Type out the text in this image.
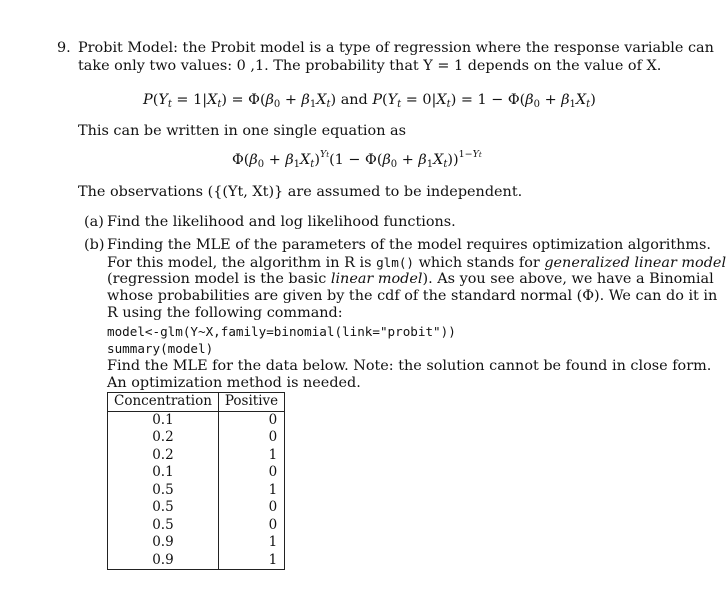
9. Probit Model: the Probit model is a type of regression where the response variable can
take only two values: 0 ,1. The probability that Y = 1 depends on the value of X.
$P(Y_t = 1|X_t) = \Phi(\beta_0 + \beta_1X_t)$ and $P(Y_t = 0|X_t) = 1 - \Phi(\beta_0 + \beta_1X_t)$
This can be written in one single equation as
$\Phi(\beta_0 + \beta_1X_t)^{Yt}(1 - \Phi(\beta_0 + \beta_1X_t))^{1-Yt}$
The observations ({(Yt, Xt)} are assumed to be independent.
(a) Find the likelihood and log likelihood functions.
(b) Finding the MLE of the parameters of the model requires optimization algorithms.
For this model, the algorithm in R is glm() which stands for generalized linear model
(regression model is the basic linear model). As you see above, we have a Binomial
whose probabilities are given by the cdf of the standard normal (Φ). We can do it in
R using the following command:
model<-glm(Y~X,family=binomial(link="probit"))
summary(model)
Find the MLE for the data below. Note: the solution cannot be found in close form.
An optimization method is needed.
Concentration	Positive
0.1	0
0.2	0
0.2	1
0.1	0
0.5	1
0.5	0
0.5	0
0.9	1
0.9	1
